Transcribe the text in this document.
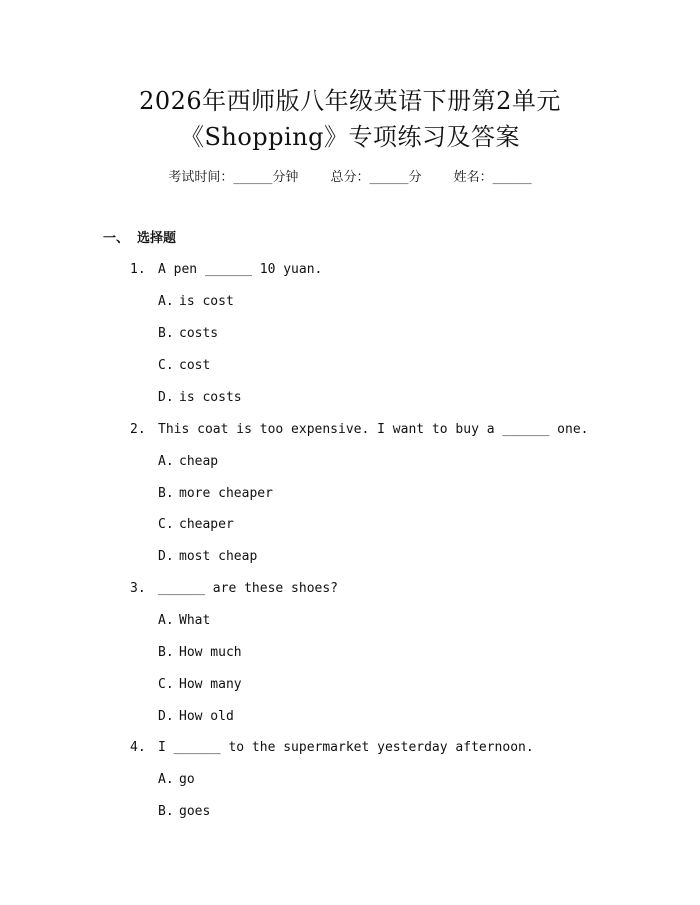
2026年西师版八年级英语下册第2单元
《Shopping》专项练习及答案
考试时间：______分钟 总分：______分 姓名：______
一、 选择题
1. A pen ______ 10 yuan.
A. is cost
B. costs
C. cost
D. is costs
2. This coat is too expensive. I want to buy a ______ one.
A. cheap
B. more cheaper
C. cheaper
D. most cheap
3. ______ are these shoes?
A. What
B. How much
C. How many
D. How old
4. I ______ to the supermarket yesterday afternoon.
A. go
B. goes
